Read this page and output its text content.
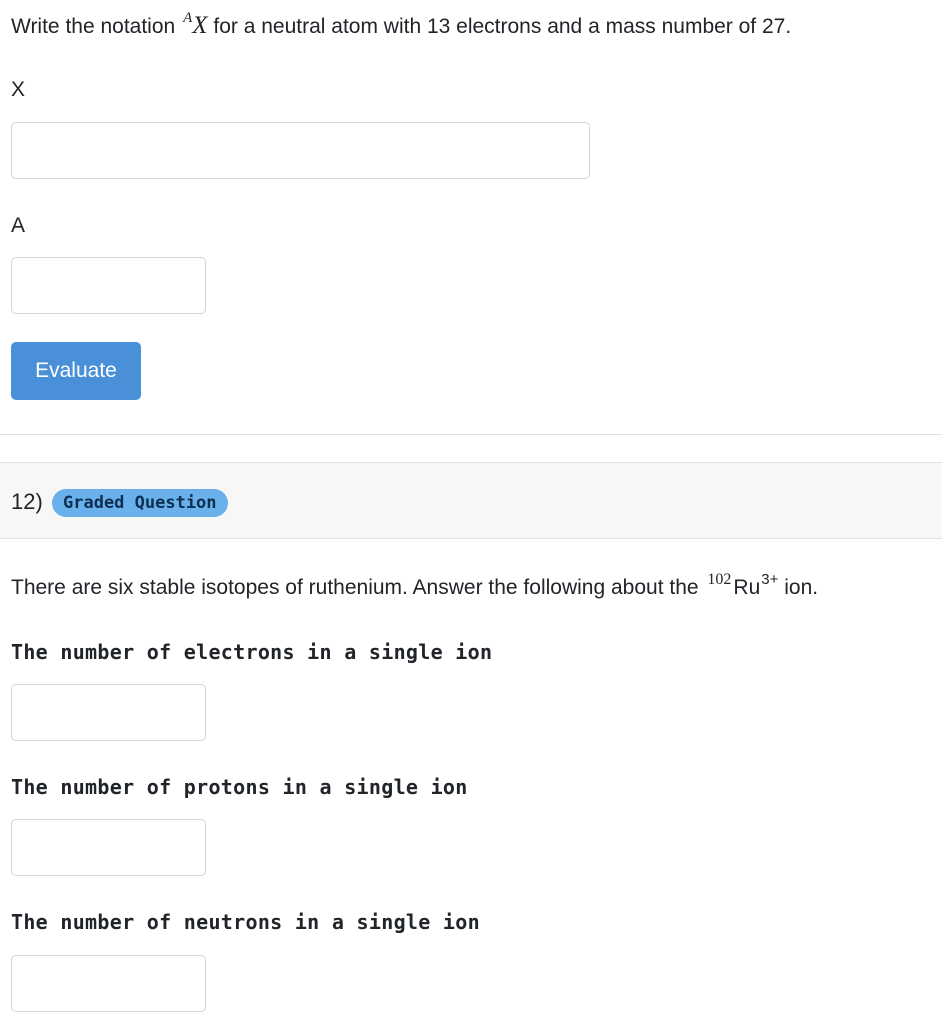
Write the notation $^A$X for a neutral atom with 13 electrons and a mass number of 27.
X
A
Evaluate
12)	Graded Question
There are six stable isotopes of ruthenium. Answer the following about the $^{102}Ru^{3+}$ ion.
The number of electrons in a single ion
The number of protons in a single ion
The number of neutrons in a single ion
